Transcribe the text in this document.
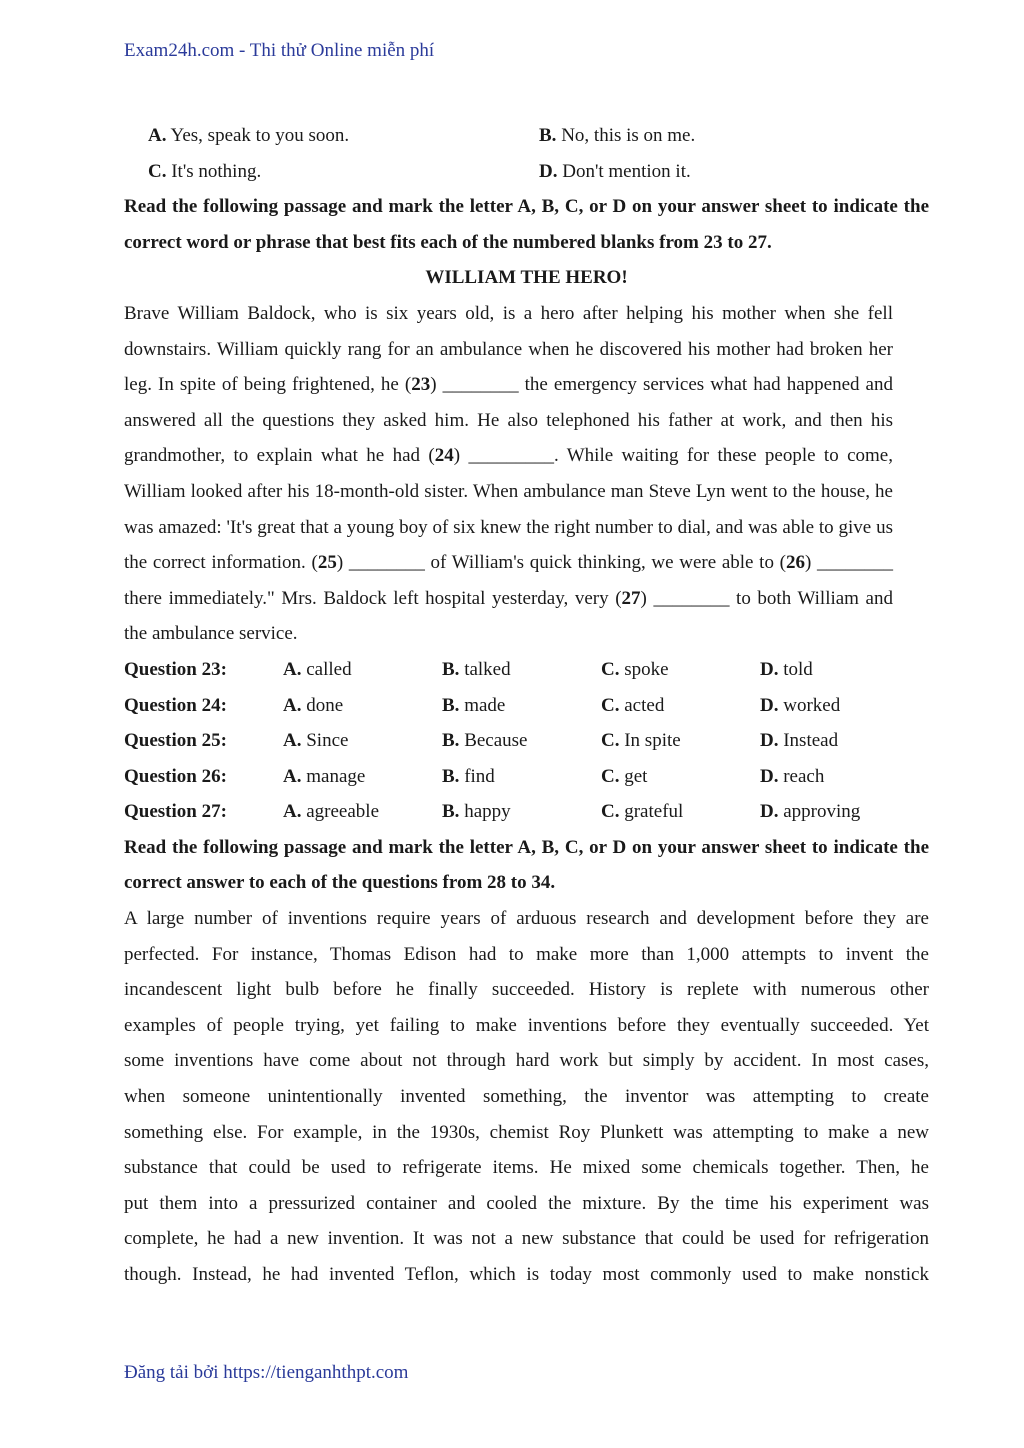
Exam24h.com - Thi thử Online miễn phí
A. Yes, speak to you soon.	B. No, this is on me.
C. It's nothing.	D. Don't mention it.
Read the following passage and mark the letter A, B, C, or D on your answer sheet to indicate the correct word or phrase that best fits each of the numbered blanks from 23 to 27.
WILLIAM THE HERO!
Brave William Baldock, who is six years old, is a hero after helping his mother when she fell downstairs. William quickly rang for an ambulance when he discovered his mother had broken her leg. In spite of being frightened, he (23) ________ the emergency services what had happened and answered all the questions they asked him. He also telephoned his father at work, and then his grandmother, to explain what he had (24) _________. While waiting for these people to come, William looked after his 18-month-old sister. When ambulance man Steve Lyn went to the house, he was amazed: 'It's great that a young boy of six knew the right number to dial, and was able to give us the correct information. (25) ________ of William's quick thinking, we were able to (26) ________ there immediately." Mrs. Baldock left hospital yesterday, very (27) ________ to both William and the ambulance service.
Question 23:	A. called	B. talked	C. spoke	D. told
Question 24:	A. done	B. made	C. acted	D. worked
Question 25:	A. Since	B. Because	C. In spite	D. Instead
Question 26:	A. manage	B. find	C. get	D. reach
Question 27:	A. agreeable	B. happy	C. grateful	D. approving
Read the following passage and mark the letter A, B, C, or D on your answer sheet to indicate the correct answer to each of the questions from 28 to 34.
A large number of inventions require years of arduous research and development before they are
perfected. For instance, Thomas Edison had to make more than 1,000 attempts to invent the
incandescent light bulb before he finally succeeded. History is replete with numerous other
examples of people trying, yet failing to make inventions before they eventually succeeded. Yet
some inventions have come about not through hard work but simply by accident. In most cases,
when someone unintentionally invented something, the inventor was attempting to create
something else. For example, in the 1930s, chemist Roy Plunkett was attempting to make a new
substance that could be used to refrigerate items. He mixed some chemicals together. Then, he
put them into a pressurized container and cooled the mixture. By the time his experiment was
complete, he had a new invention. It was not a new substance that could be used for refrigeration
though. Instead, he had invented Teflon, which is today most commonly used to make nonstick
Đăng tải bởi https://tienganhthpt.com
